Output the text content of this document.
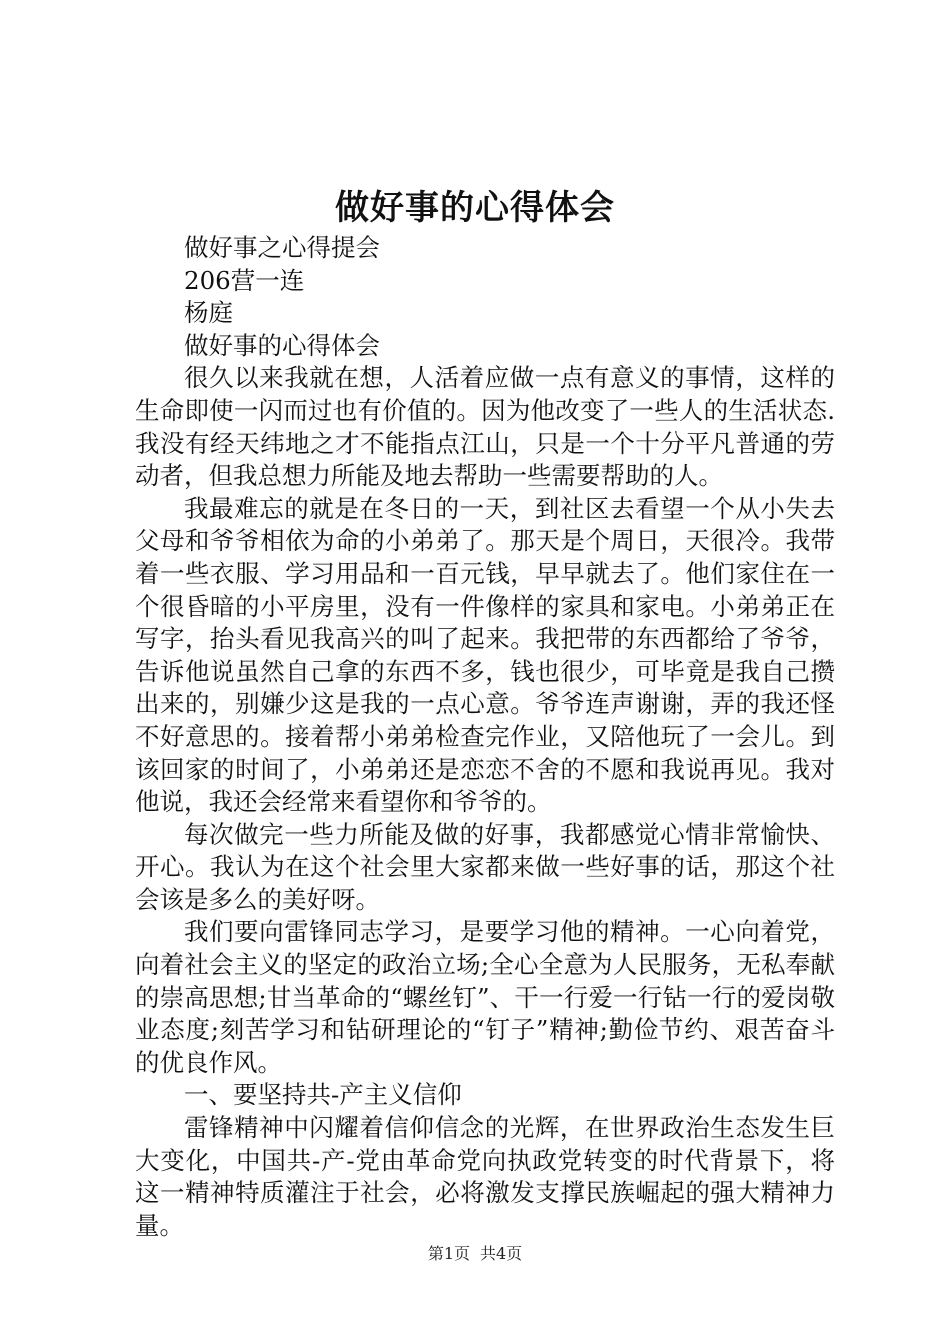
做好事的心得体会

做好事之心得提会

206营一连

杨庭

做好事的心得体会

很久以来我就在想，人活着应做一点有意义的事情，这样的生命即使一闪而过也有价值的。因为他改变了一些人的生活状态.我没有经天纬地之才不能指点江山，只是一个十分平凡普通的劳动者，但我总想力所能及地去帮助一些需要帮助的人。

我最难忘的就是在冬日的一天，到社区去看望一个从小失去父母和爷爷相依为命的小弟弟了。那天是个周日，天很冷。我带着一些衣服、学习用品和一百元钱，早早就去了。他们家住在一个很昏暗的小平房里，没有一件像样的家具和家电。小弟弟正在写字，抬头看见我高兴的叫了起来。我把带的东西都给了爷爷，告诉他说虽然自己拿的东西不多，钱也很少，可毕竟是我自己攒出来的，别嫌少这是我的一点心意。爷爷连声谢谢，弄的我还怪不好意思的。接着帮小弟弟检查完作业，又陪他玩了一会儿。到该回家的时间了，小弟弟还是恋恋不舍的不愿和我说再见。我对他说，我还会经常来看望你和爷爷的。

每次做完一些力所能及做的好事，我都感觉心情非常愉快、开心。我认为在这个社会里大家都来做一些好事的话，那这个社会该是多么的美好呀。

我们要向雷锋同志学习，是要学习他的精神。一心向着党，向着社会主义的坚定的政治立场;全心全意为人民服务，无私奉献的崇高思想;甘当革命的“螺丝钉”、干一行爱一行钻一行的爱岗敬业态度;刻苦学习和钻研理论的“钉子”精神;勤俭节约、艰苦奋斗的优良作风。

一、要坚持共-产主义信仰

雷锋精神中闪耀着信仰信念的光辉，在世界政治生态发生巨大变化，中国共-产-党由革命党向执政党转变的时代背景下，将这一精神特质灌注于社会，必将激发支撑民族崛起的强大精神力量。

第1页 共4页
